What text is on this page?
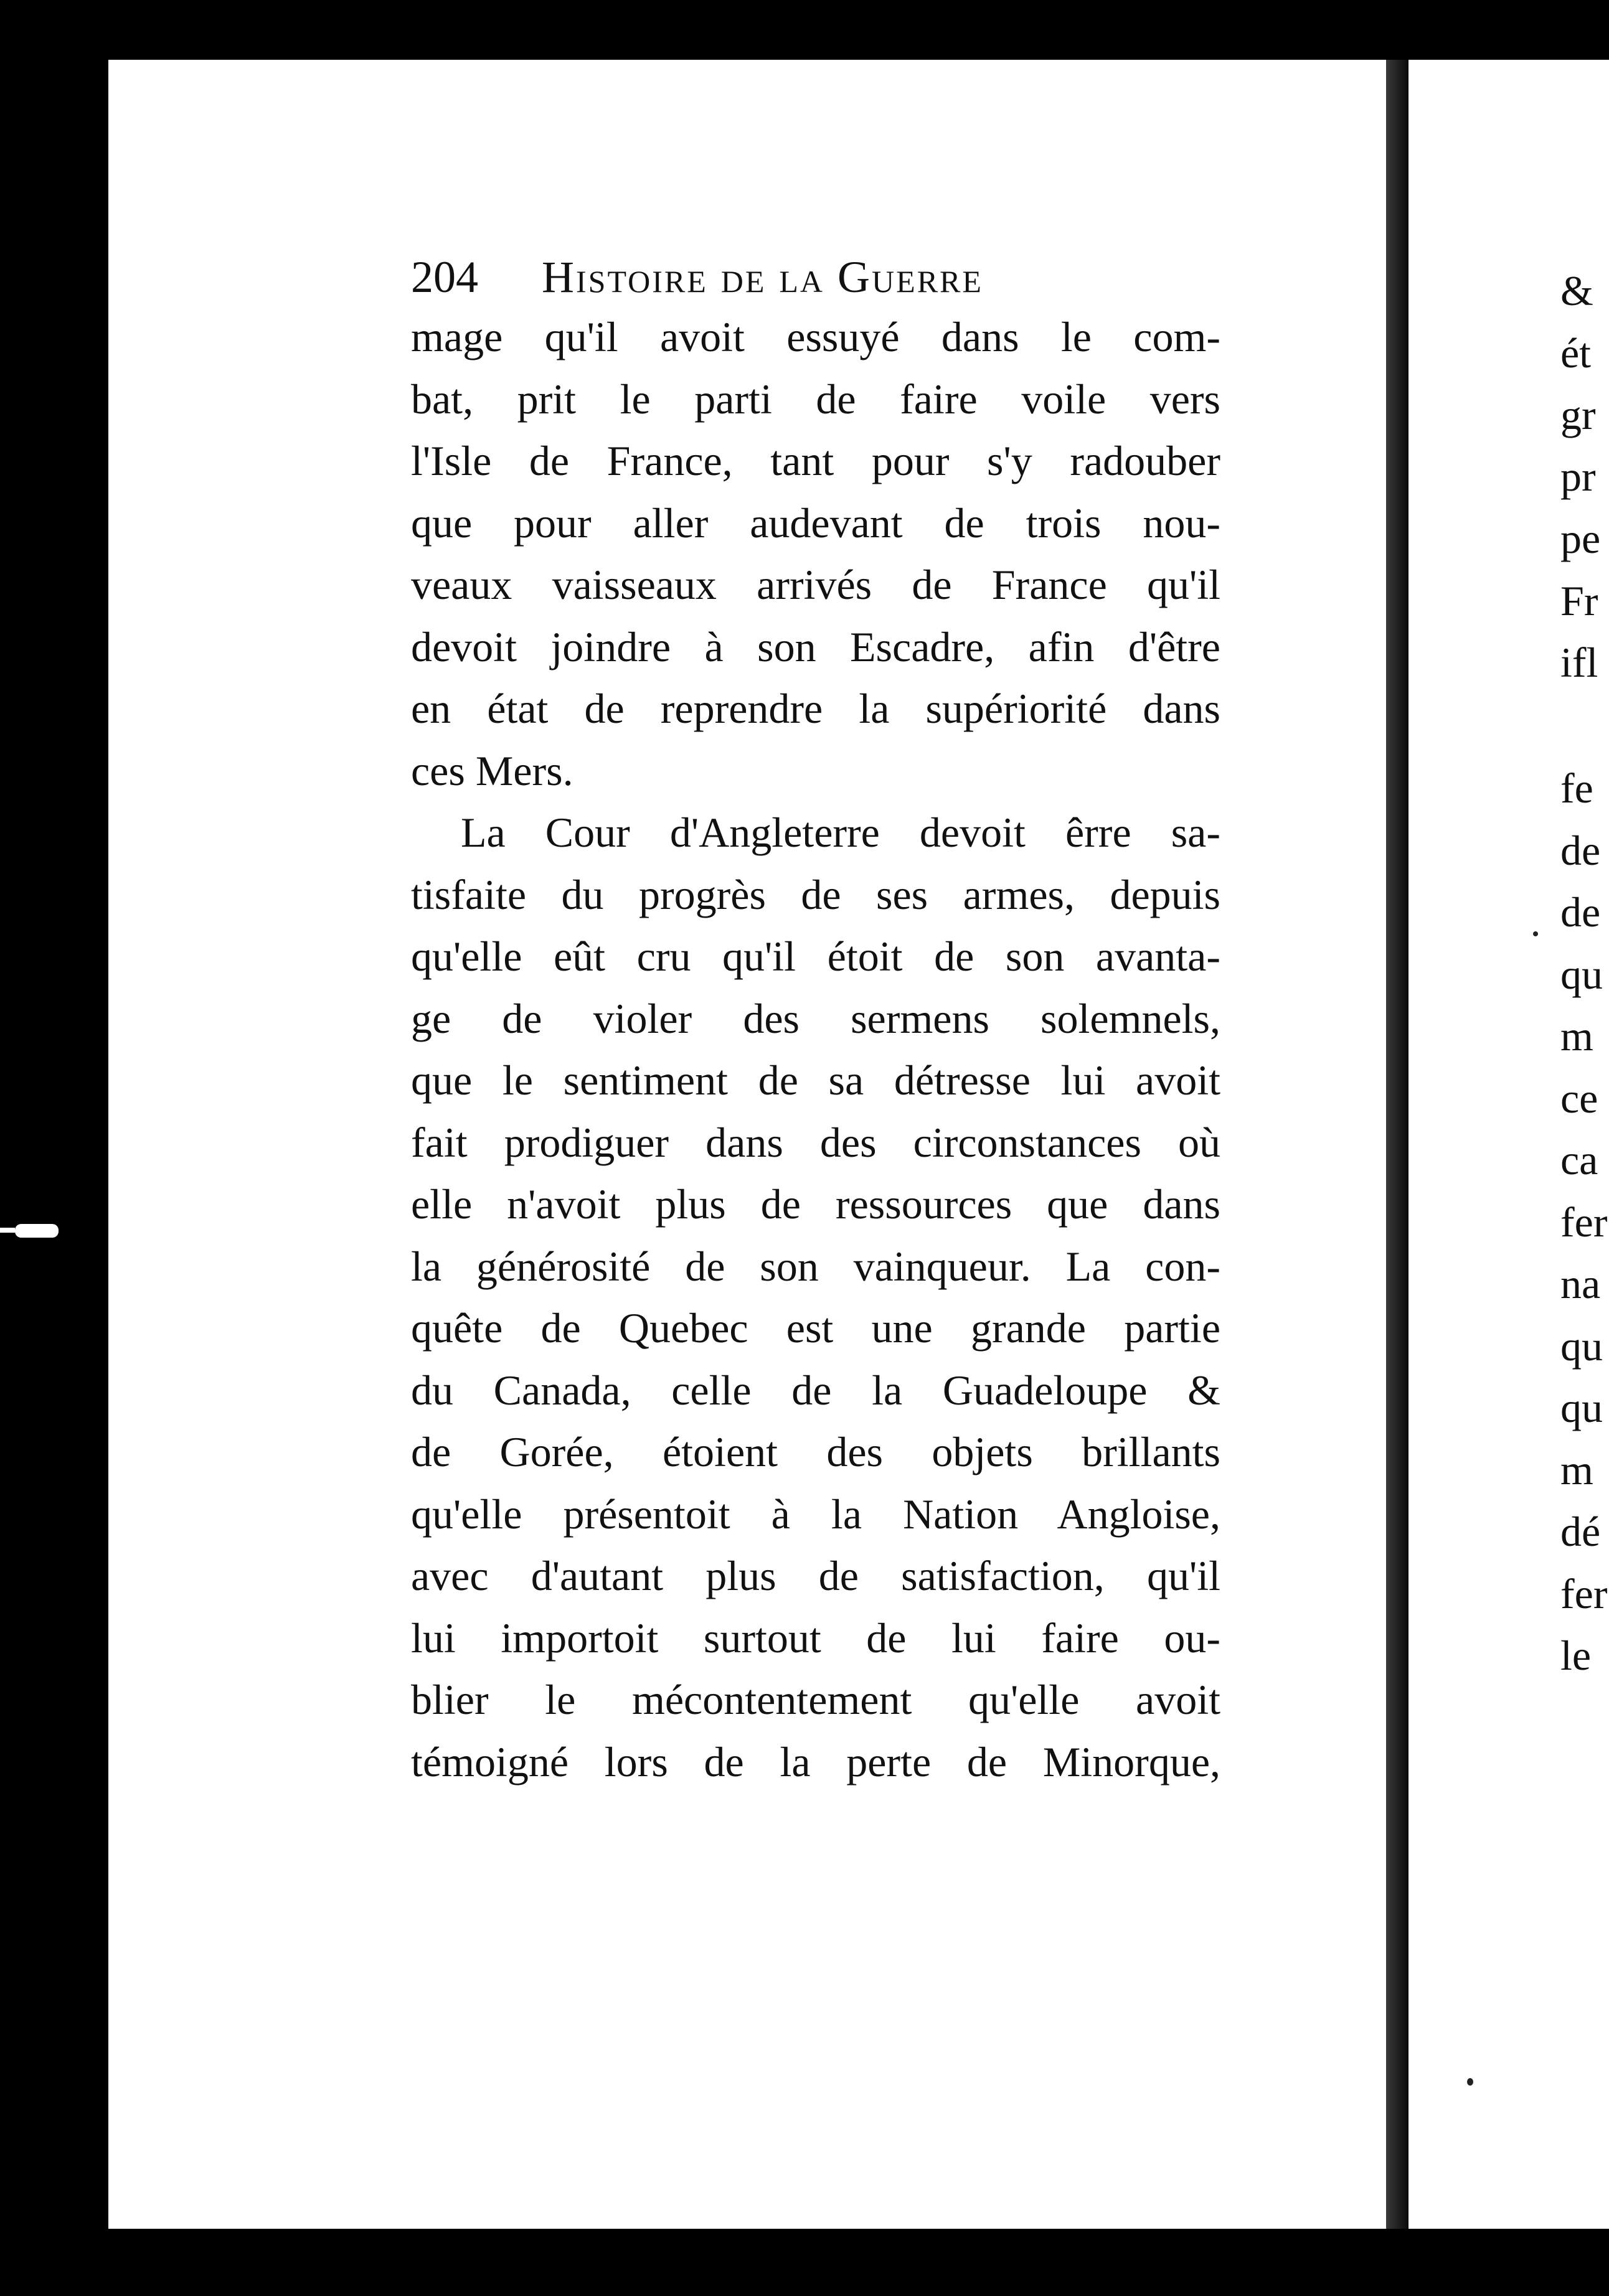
&
ét
gr
pr
pe
Fr
ifl
fe
de
de
qu
m
ce
ca
fer
na
qu
qu
m
dé
fer
le
204 Histoire de la Guerre
mage qu'il avoit essuyé dans le com-
bat, prit le parti de faire voile vers
l'Isle de France, tant pour s'y radouber
que pour aller audevant de trois nou-
veaux vaisseaux arrivés de France qu'il
devoit joindre à son Escadre, afin d'être
en état de reprendre la supériorité dans
ces Mers.
La Cour d'Angleterre devoit êrre sa-
tisfaite du progrès de ses armes, depuis
qu'elle eût cru qu'il étoit de son avanta-
ge de violer des sermens solemnels,
que le sentiment de sa détresse lui avoit
fait prodiguer dans des circonstances où
elle n'avoit plus de ressources que dans
la générosité de son vainqueur. La con-
quête de Quebec est une grande partie
du Canada, celle de la Guadeloupe &
de Gorée, étoient des objets brillants
qu'elle présentoit à la Nation Angloise,
avec d'autant plus de satisfaction, qu'il
lui importoit surtout de lui faire ou-
blier le mécontentement qu'elle avoit
témoigné lors de la perte de Minorque,
